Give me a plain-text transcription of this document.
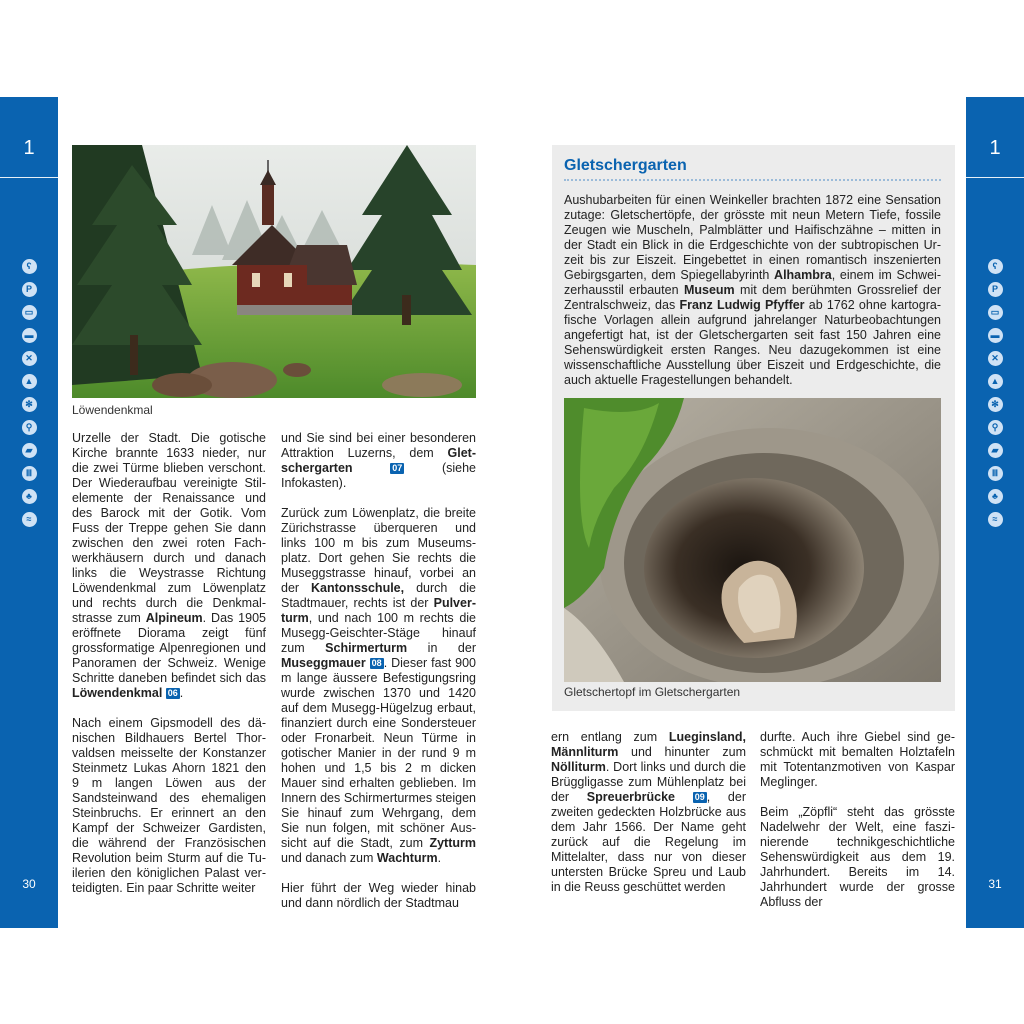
1
ʕ
P
▭
▬
✕
▲
✻
⚲
▰
Ⅲ
♣
≈
30
1
ʕ
P
▭
▬
✕
▲
✻
⚲
▰
Ⅲ
♣
≈
31
Löwendenkmal

Urzelle der Stadt. Die gotische Kirche brannte 1633 nieder, nur die zwei Türme blieben verschont. Der Wiederaufbau vereinigte Stilelemente der Renaissance und des Barock mit der Gotik. Vom Fuss der Treppe gehen Sie dann zwischen den zwei roten Fachwerkhäusern durch und danach links die Weystrasse Richtung Löwendenkmal zum Löwenplatz und rechts durch die Denkmalstrasse zum Alpineum. Das 1905 eröffnete Diorama zeigt fünf grossformatige Alpenregionen und Panoramen der Schweiz. Wenige Schritte daneben befindet sich das Löwendenkmal 06 .

Nach einem Gipsmodell des dänischen Bildhauers Bertel Thorvaldsen meisselte der Konstanzer Steinmetz Lukas Ahorn 1821 den 9 m langen Löwen aus der Sandsteinwand des ehemaligen Steinbruchs. Er erinnert an den Kampf der Schweizer Gardisten, die während der Französischen Revolution beim Sturm auf die Tuilerien den königlichen Palast verteidigten. Ein paar Schritte weiter

und Sie sind bei einer besonderen Attraktion Luzerns, dem Gletschergarten	07 (siehe Infokasten).

Zurück zum Löwenplatz, die breite Zürichstrasse überqueren und links 100 m bis zum Museumsplatz. Dort gehen Sie rechts die Museggstrasse hinauf, vorbei an der Kantonsschule, durch die Stadtmauer, rechts ist der Pulverturm, und nach 100 m rechts die Musegg-Geischter-Stäge hinauf zum Schirmerturm in der Museggmauer 08 . Dieser fast 900 m lange äussere Befestigungsring wurde zwischen 1370 und 1420 auf dem Musegg-Hügelzug erbaut, finanziert durch eine Sondersteuer oder Fronarbeit. Neun Türme in gotischer Manier in der rund 9 m hohen und 1,5 bis 2 m dicken Mauer sind erhalten geblieben. Im Innern des Schirmerturmes steigen Sie hinauf zum Wehrgang, dem Sie nun folgen, mit schöner Aussicht auf die Stadt, zum Zytturm und danach zum Wachturm.

Hier führt der Weg wieder hinab und dann nördlich der Stadtmau

Gletschergarten
Aushubarbeiten für einen Weinkeller brachten 1872 eine Sensation zutage: Gletschertöpfe, der grösste mit neun Metern Tiefe, fossile Zeugen wie Muscheln, Palmblätter und Haifischzähne – mitten in der Stadt ein Blick in die Erdgeschichte von der subtropischen Urzeit bis zur Eiszeit. Eingebettet in einen romantisch inszenierten Gebirgsgarten, dem Spiegellabyrinth Alhambra, einem im Schweizerhausstil erbauten Museum mit dem berühmten Grossrelief der Zentralschweiz, das Franz Ludwig Pfyffer ab 1762 ohne kartografische Vorlagen allein aufgrund jahrelanger Naturbeobachtungen angefertigt hat, ist der Gletschergarten seit fast 150 Jahren eine Sehenswürdigkeit ersten Ranges. Neu dazugekommen ist eine wissenschaftliche Ausstellung über Eiszeit und Erdgeschichte, die auch aktuelle Fragestellungen behandelt.
Gletschertopf im Gletschergarten

ern entlang zum Lueginsland, Männliturm und hinunter zum Nölliturm. Dort links und durch die Brüggligasse zum Mühlenplatz bei der Spreuerbrücke 09 , der zweiten gedeckten Holzbrücke aus dem Jahr 1566. Der Name geht zurück auf die Regelung im Mittelalter, dass nur von dieser untersten Brücke Spreu und Laub in die Reuss geschüttet werden

durfte. Auch ihre Giebel sind geschmückt mit bemalten Holztafeln mit Totentanzmotiven von Kaspar Meglinger.

Beim „Zöpfli“ steht das grösste Nadelwehr der Welt, eine faszinierende technikgeschichtliche Sehenswürdigkeit aus dem 19. Jahrhundert. Bereits im 14. Jahrhundert wurde der grosse Abfluss der
